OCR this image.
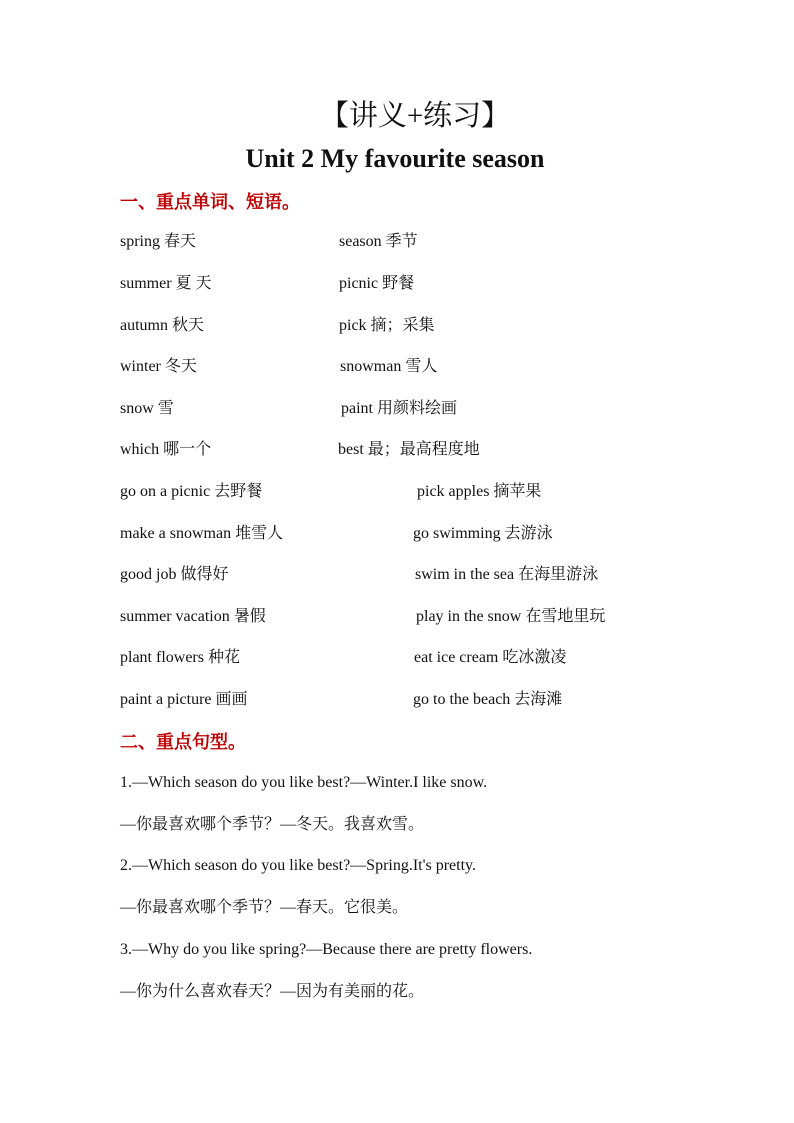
【讲义+练习】
Unit 2 My favourite season
一、重点单词、短语。
spring 春天	season 季节
summer 夏 天	picnic 野餐
autumn 秋天	pick 摘；采集
winter 冬天	snowman 雪人
snow 雪	paint 用颜料绘画
which 哪一个	best 最；最高程度地
go on a picnic 去野餐	pick apples 摘苹果
make a snowman 堆雪人	go swimming 去游泳
good job 做得好	swim in the sea 在海里游泳
summer vacation 暑假	play in the snow 在雪地里玩
plant flowers 种花	eat ice cream 吃冰激凌
paint a picture 画画	go to the beach 去海滩
二、重点句型。
1.—Which season do you like best?—Winter.I like snow.
—你最喜欢哪个季节？—冬天。我喜欢雪。
2.—Which season do you like best?—Spring.It's pretty.
—你最喜欢哪个季节？—春天。它很美。
3.—Why do you like spring?—Because there are pretty flowers.
—你为什么喜欢春天？—因为有美丽的花。
